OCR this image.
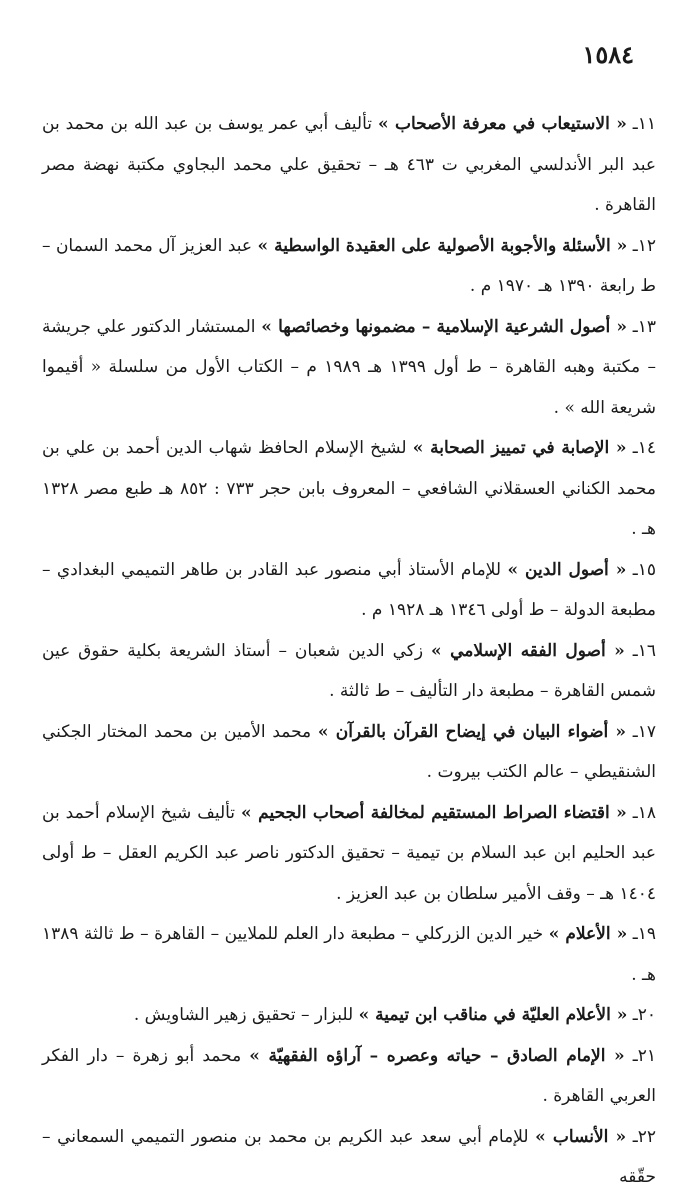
١٥٨٤

١١ـ « الاستيعاب في معرفة الأصحاب » تأليف أبي عمر يوسف بن عبد الله بن محمد بن عبد البر الأندلسي المغربي ت ٤٦٣ هـ – تحقيق علي محمد البجاوي مكتبة نهضة مصر القاهرة .

١٢ـ « الأسئلة والأجوبة الأصولية على العقيدة الواسطية » عبد العزيز آل محمد السمان – ط رابعة ١٣٩٠ هـ ١٩٧٠ م .

١٣ـ « أصول الشرعية الإسلامية – مضمونها وخصائصها » المستشار الدكتور علي جريشة – مكتبة وهبه القاهرة – ط أول ١٣٩٩ هـ ١٩٨٩ م – الكتاب الأول من سلسلة « أقيموا شريعة الله » .

١٤ـ « الإصابة في تمييز الصحابة » لشيخ الإسلام الحافظ شهاب الدين أحمد بن علي بن محمد الكناني العسقلاني الشافعي – المعروف بابن حجر ٧٣٣ : ٨٥٢ هـ طبع مصر ١٣٢٨ هـ .

١٥ـ « أصول الدين » للإمام الأستاذ أبي منصور عبد القادر بن طاهر التميمي البغدادي – مطبعة الدولة – ط أولى ١٣٤٦ هـ ١٩٢٨ م .

١٦ـ « أصول الفقه الإسلامي » زكي الدين شعبان – أستاذ الشريعة بكلية حقوق عين شمس القاهرة – مطبعة دار التأليف – ط ثالثة .

١٧ـ « أضواء البيان في إيضاح القرآن بالقرآن » محمد الأمين بن محمد المختار الجكني الشنقيطي – عالم الكتب بيروت .

١٨ـ « اقتضاء الصراط المستقيم لمخالفة أصحاب الجحيم » تأليف شيخ الإسلام أحمد بن عبد الحليم ابن عبد السلام بن تيمية – تحقيق الدكتور ناصر عبد الكريم العقل – ط أولى ١٤٠٤ هـ – وقف الأمير سلطان بن عبد العزيز .

١٩ـ « الأعلام » خير الدين الزركلي – مطبعة دار العلم للملايين – القاهرة – ط ثالثة ١٣٨٩ هـ .

٢٠ـ « الأعلام العليّة في مناقب ابن تيمية » للبزار – تحقيق زهير الشاويش .

٢١ـ « الإمام الصادق – حياته وعصره – آراؤه الفقهيّة » محمد أبو زهرة – دار الفكر العربي القاهرة .

٢٢ـ « الأنساب » للإمام أبي سعد عبد الكريم بن محمد بن منصور التميمي السمعاني – حقّقه
